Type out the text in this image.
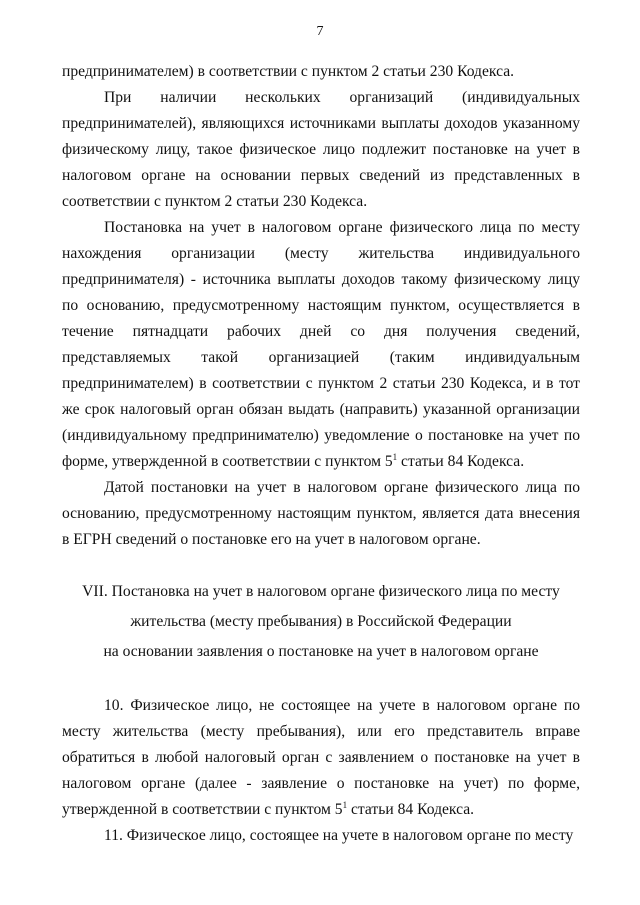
7

предпринимателем) в соответствии с пунктом 2 статьи 230 Кодекса.

При наличии нескольких организаций (индивидуальных предпринимателей), являющихся источниками выплаты доходов указанному физическому лицу, такое физическое лицо подлежит постановке на учет в налоговом органе на основании первых сведений из представленных в соответствии с пунктом 2 статьи 230 Кодекса.

Постановка на учет в налоговом органе физического лица по месту нахождения организации (месту жительства индивидуального предпринимателя) - источника выплаты доходов такому физическому лицу по основанию, предусмотренному настоящим пунктом, осуществляется в течение пятнадцати рабочих дней со дня получения сведений, представляемых такой организацией (таким индивидуальным предпринимателем) в соответствии с пунктом 2 статьи 230 Кодекса, и в тот же срок налоговый орган обязан выдать (направить) указанной организации (индивидуальному предпринимателю) уведомление о постановке на учет по форме, утвержденной в соответствии с пунктом $5^1$ статьи 84 Кодекса.

Датой постановки на учет в налоговом органе физического лица по основанию, предусмотренному настоящим пунктом, является дата внесения в ЕГРН сведений о постановке его на учет в налоговом органе.

VII. Постановка на учет в налоговом органе физического лица по месту
жительства (месту пребывания) в Российской Федерации
на основании заявления о постановке на учет в налоговом органе

10. Физическое лицо, не состоящее на учете в налоговом органе по месту жительства (месту пребывания), или его представитель вправе обратиться в любой налоговый орган с заявлением о постановке на учет в налоговом органе (далее - заявление о постановке на учет) по форме, утвержденной в соответствии с пунктом $5^1$ статьи 84 Кодекса.

11. Физическое лицо, состоящее на учете в налоговом органе по месту
